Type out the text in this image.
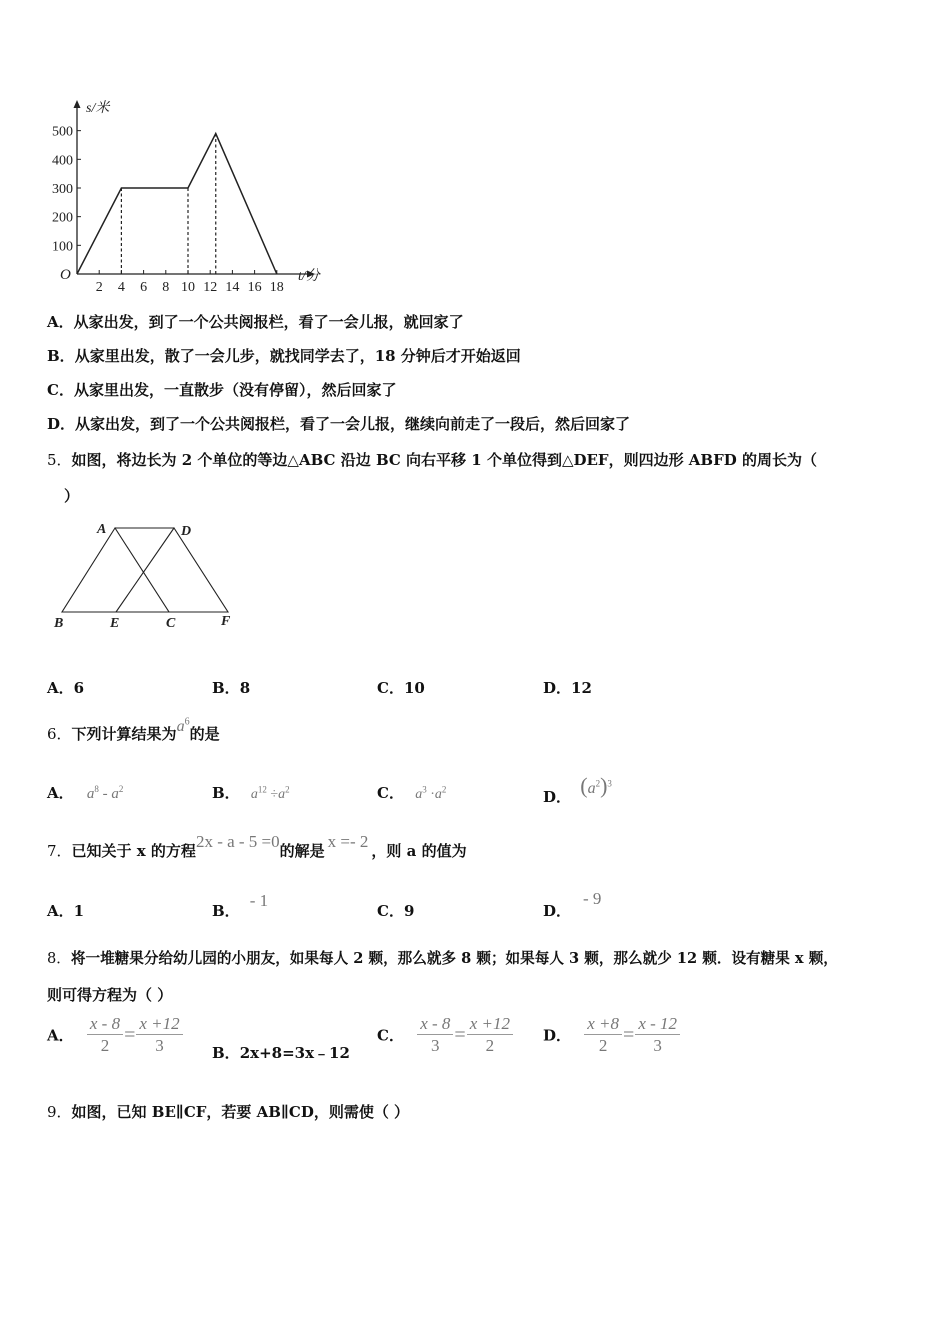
500
400
300
200
100
2 4 6 8 10 12 14 16 18
O
s/米
t/分
A．从家出发，到了一个公共阅报栏，看了一会儿报，就回家了
B．从家里出发，散了一会儿步，就找同学去了，18 分钟后才开始返回
C．从家里出发，一直散步（没有停留），然后回家了
D．从家出发，到了一个公共阅报栏，看了一会儿报，继续向前走了一段后，然后回家了
5．如图，将边长为 2 个单位的等边△ABC 沿边 BC 向右平移 1 个单位得到△DEF，则四边形 ABFD 的周长为（
）
A	D
B	E	C	F
A．6	B．8	C．10	D．12
6．下列计算结果为$a^6$的是
A． $a^8 - a^2$	B． $a^{12} \div a^2$	C． $a^3 \cdot a^2$	D． $(a^2)^3$
7．已知关于 x 的方程2x - a - 5 =0的解是 x =- 2 ，则 a 的值为
A．1	B．- 1
C．9	D．- 9
8．将一堆糖果分给幼儿园的小朋友，如果每人 2 颗，那么就多 8 颗；如果每人 3 颗，那么就少 12 颗．设有糖果 x 颗，
则可得方程为（ ）
A． $\frac{x - 8}{2} = \frac{x +12}{3}$ B．2x+8=3x﹣12
C． $\frac{x - 8}{3} = \frac{x +12}{2}$ D． $\frac{x +8}{2} = \frac{x - 12}{3}$
9．如图，已知 BE∥CF，若要 AB∥CD，则需使（ ）
